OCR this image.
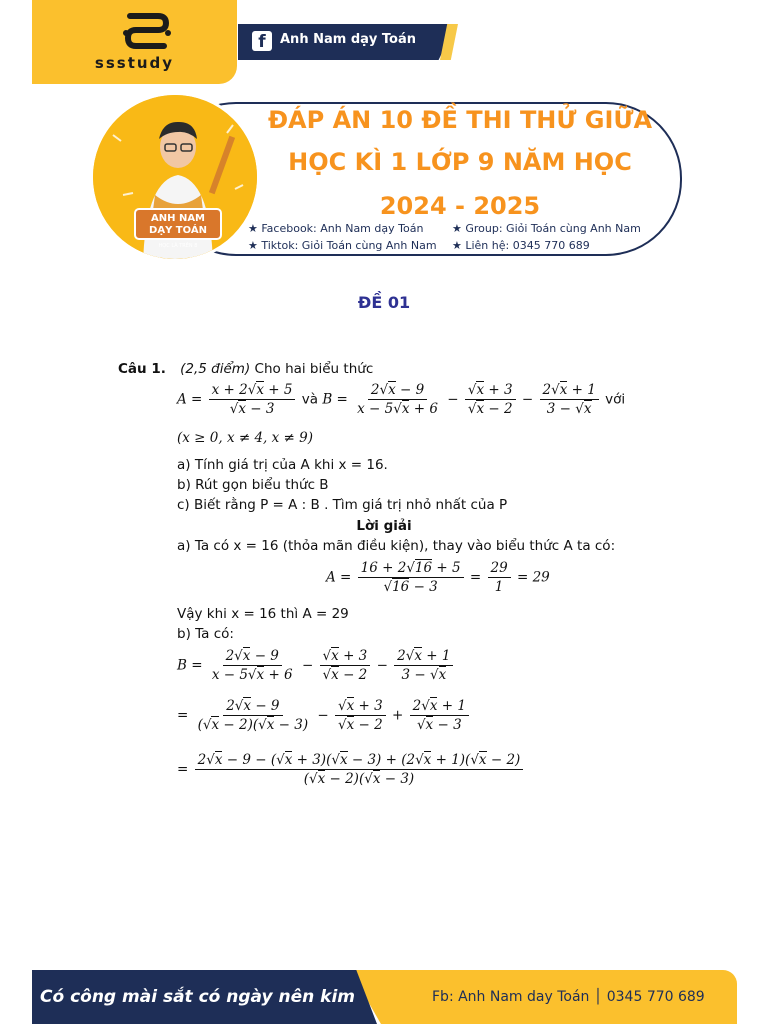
ssstudy
f	Anh Nam dạy Toán
ANH NAM
DẠY TOÁN
HỌC LÀ TRÊN 8
ĐÁP ÁN 10 ĐỀ THI THỬ GIỮA
HỌC KÌ 1 LỚP 9 NĂM HỌC
2024 - 2025
★ Facebook: Anh Nam dạy Toán	★ Group: Giỏi Toán cùng Anh Nam
★ Tiktok: Giỏi Toán cùng Anh Nam ★ Liên hệ: 0345 770 689
ĐỀ 01
Câu 1. (2,5 điểm) Cho hai biểu thức
$A = \frac{x + 2√x + 5}{√x - 3}$ và $B = \frac{2√x - 9}{x - 5√x + 6} - \frac{√x + 3}{√x - 2} - \frac{2√x + 1}{3 - √x}$ với
(x ≥ 0, x ≠ 4, x ≠ 9)
a) Tính giá trị của A khi x = 16.
b) Rút gọn biểu thức B
c) Biết rằng P = A : B . Tìm giá trị nhỏ nhất của P
Lời giải
a) Ta có x = 16 (thỏa mãn điều kiện), thay vào biểu thức A ta có:
$A = \frac{16 + 2√16 + 5}{√16 - 3} = \frac{29}{1} = 29$
Vậy khi x = 16 thì A = 29
b) Ta có:
$B = \frac{2√x - 9}{x - 5√x + 6} - \frac{√x + 3}{√x - 2} - \frac{2√x + 1}{3 - √x}$
= $\frac{2√x - 9}{(√x - 2)(√x - 3)} - \frac{√x + 3}{√x - 2} + \frac{2√x + 1}{√x - 3}$
= $\frac{2√x - 9 - (√x + 3)(√x - 3) + (2√x + 1)(√x - 2)}{(√x - 2)(√x - 3)}$
Có công mài sắt có ngày nên kim	Fb: Anh Nam day Toán │ 0345 770 689
